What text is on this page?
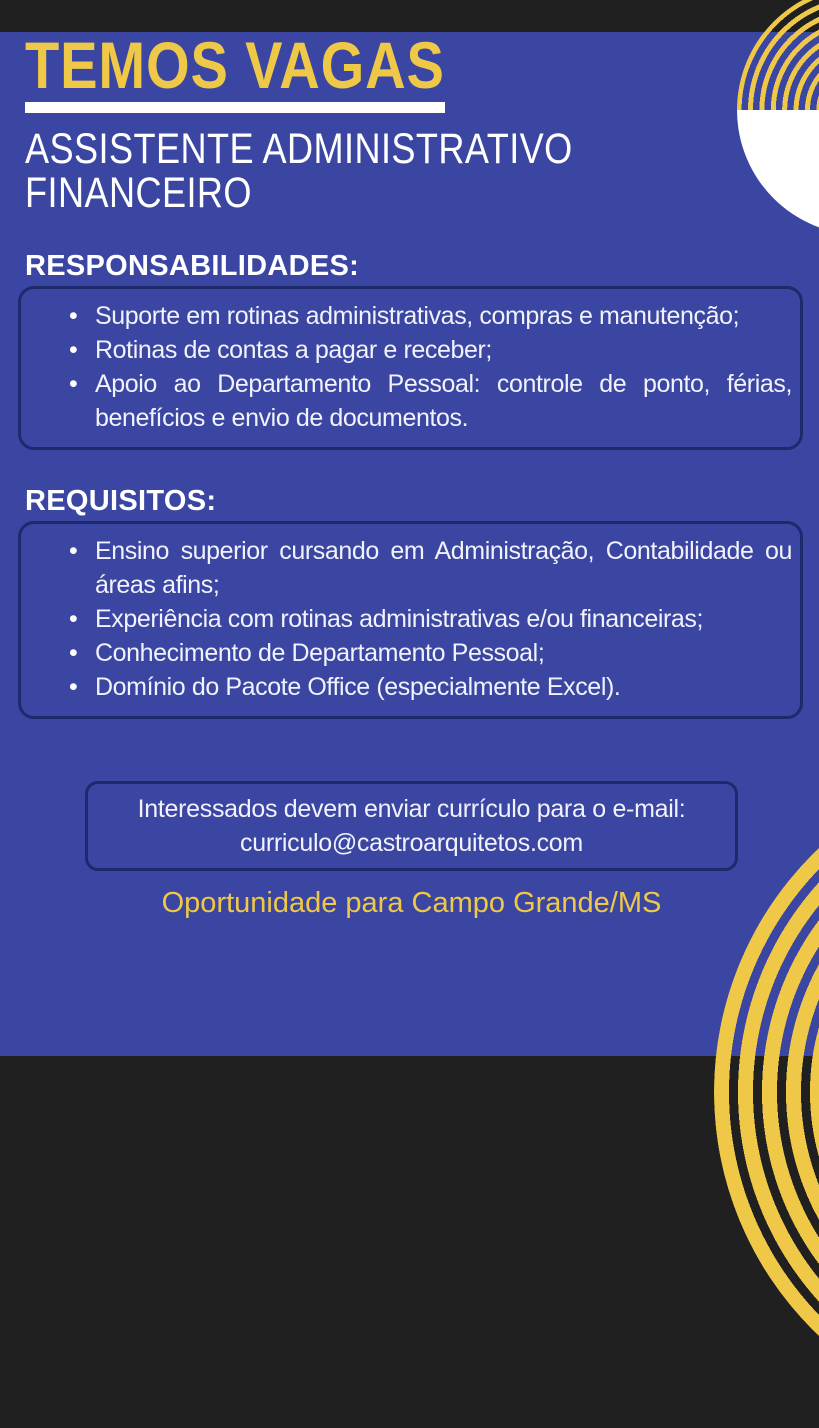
TEMOS VAGAS
ASSISTENTE ADMINISTRATIVO FINANCEIRO
RESPONSABILIDADES:
• Suporte em rotinas administrativas, compras e manutenção;
• Rotinas de contas a pagar e receber;
• Apoio ao Departamento Pessoal: controle de ponto, férias, benefícios e envio de documentos.
REQUISITOS:
• Ensino superior cursando em Administração, Contabilidade ou áreas afins;
• Experiência com rotinas administrativas e/ou financeiras;
• Conhecimento de Departamento Pessoal;
• Domínio do Pacote Office (especialmente Excel).

Interessados devem enviar currículo para o e-mail:

curriculo@castroarquitetos.com

Oportunidade para Campo Grande/MS
